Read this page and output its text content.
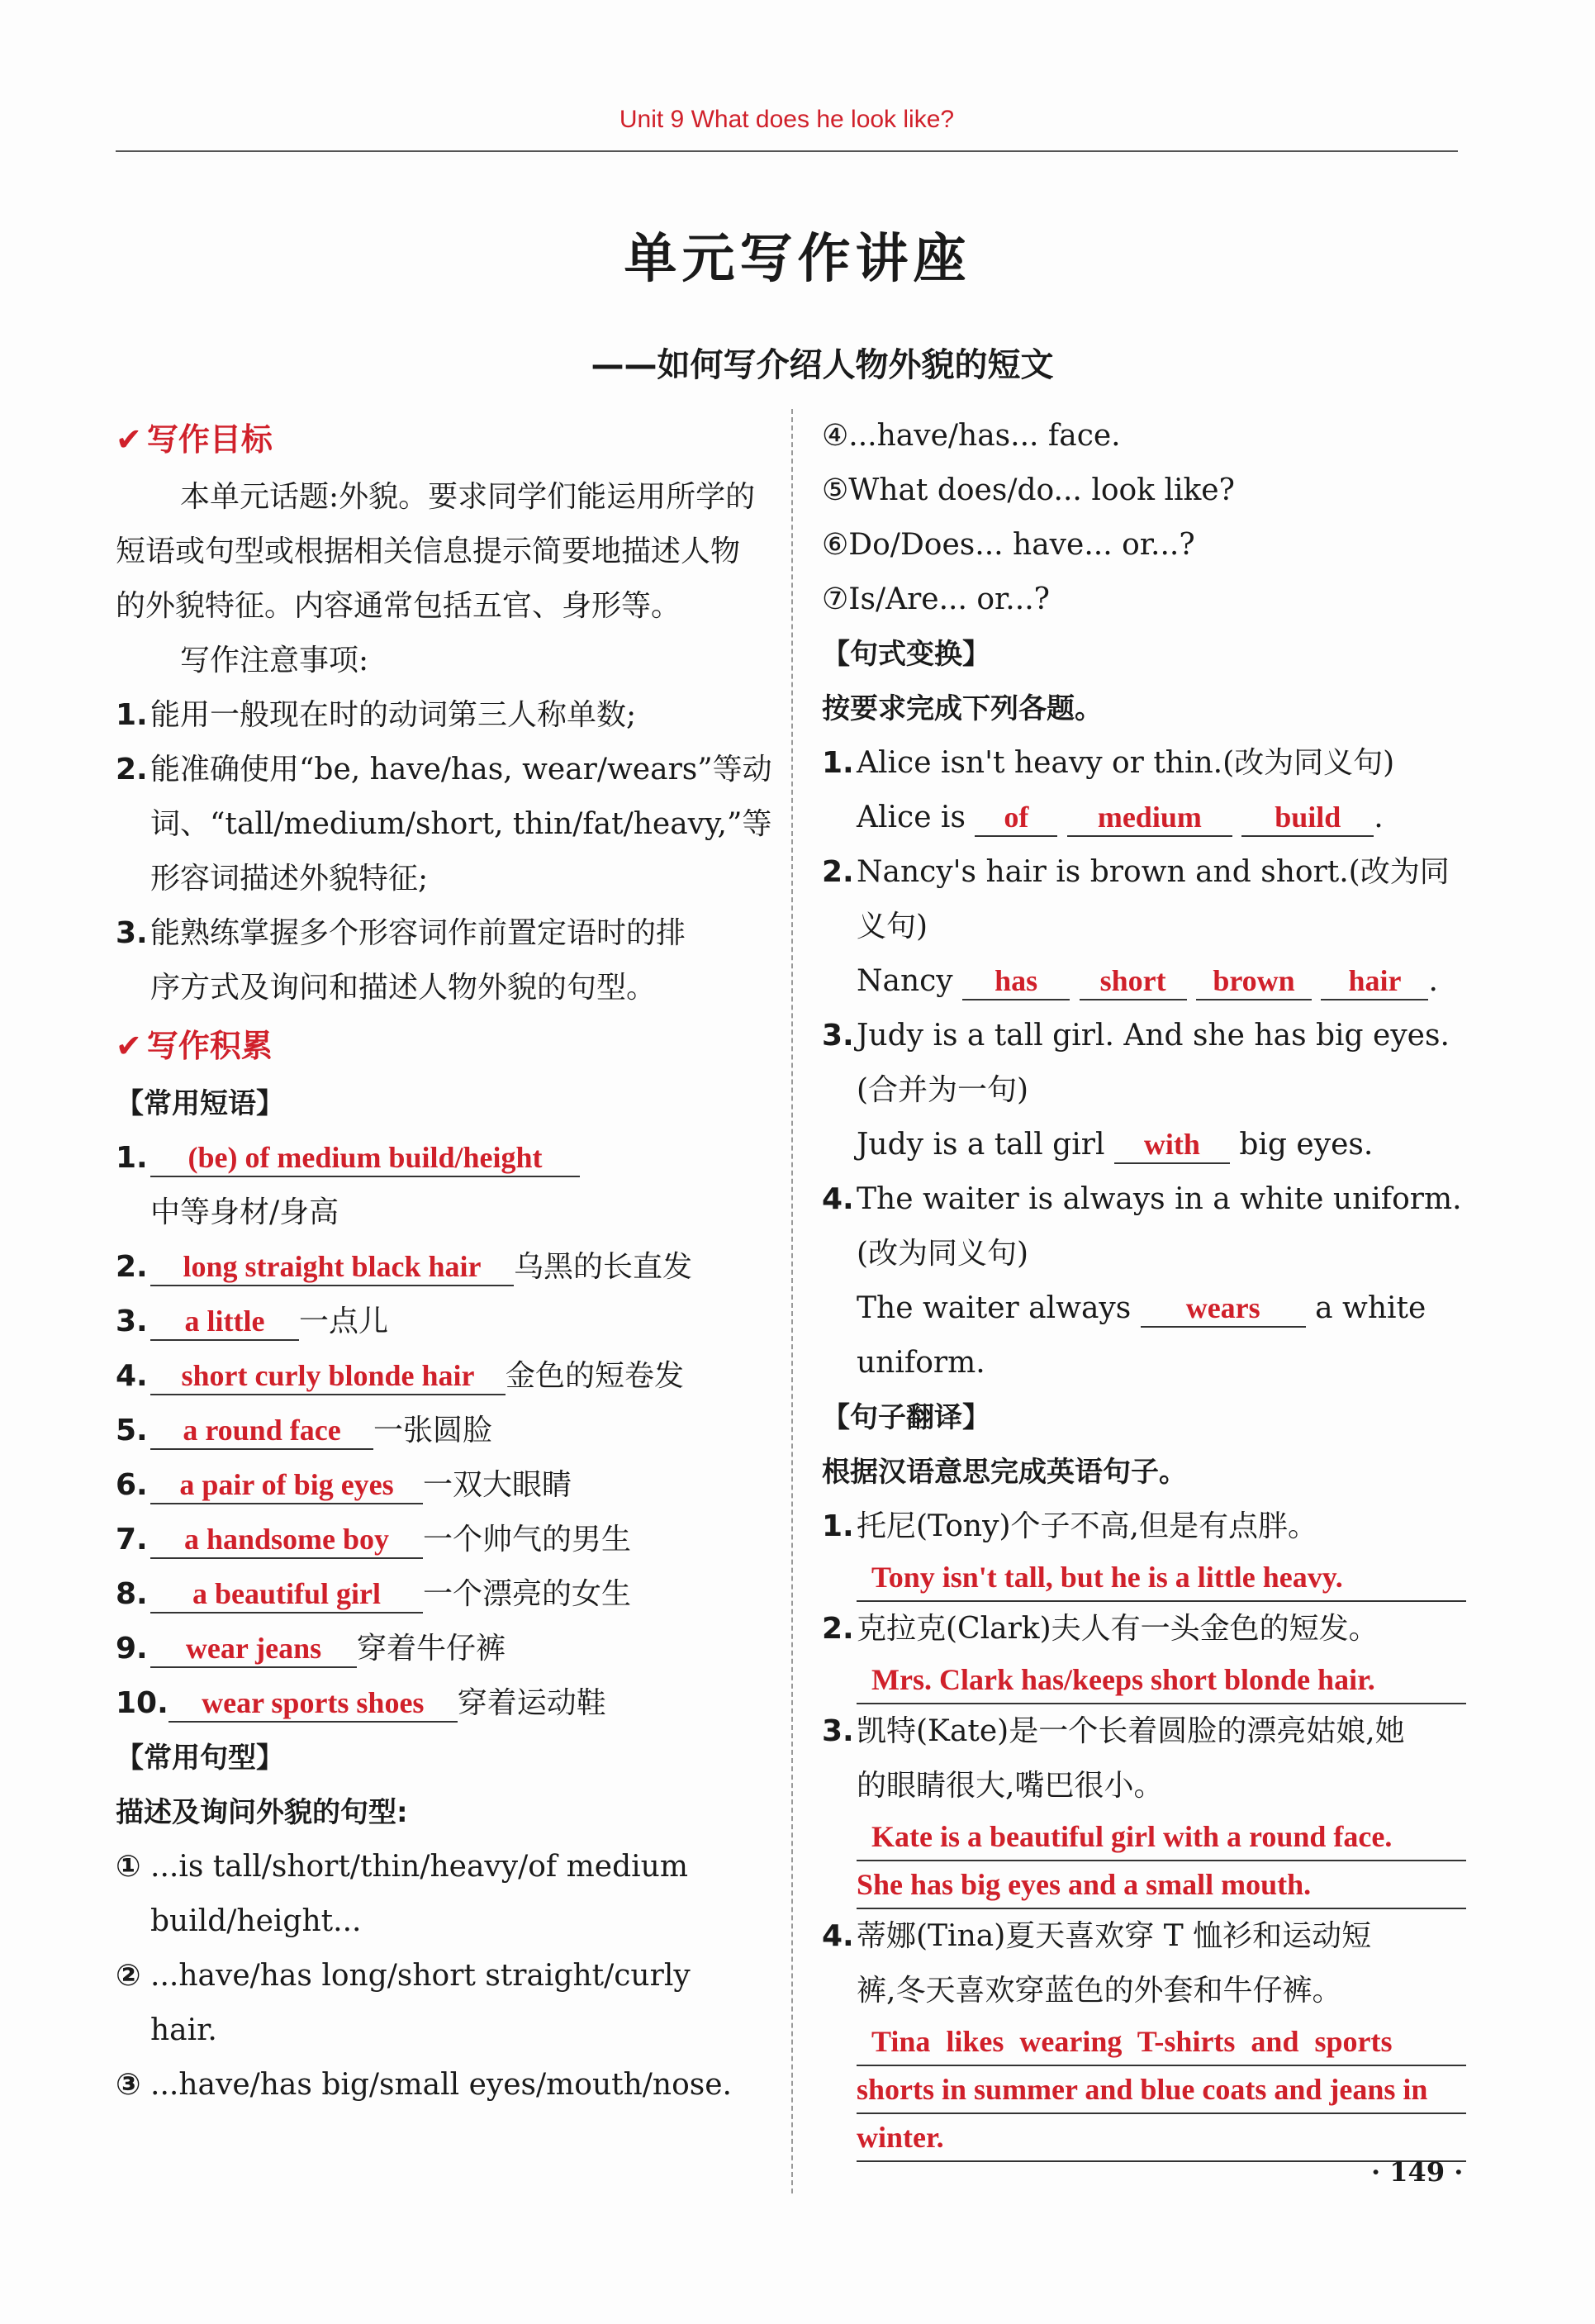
Unit 9 What does he look like?
单元写作讲座
——如何写介绍人物外貌的短文
✔ 写作目标
本单元话题:外貌。要求同学们能运用所学的短语或句型或根据相关信息提示简要地描述人物的外貌特征。内容通常包括五官、身形等。
写作注意事项:
1.能用一般现在时的动词第三人称单数;
2.能准确使用“be, have/has, wear/wears”等动
词、“tall/medium/short, thin/fat/heavy,”等
形容词描述外貌特征;
3.能熟练掌握多个形容词作前置定语时的排
序方式及询问和描述人物外貌的句型。
✔ 写作积累
【常用短语】
1. (be) of medium build/height
中等身材/身高
2. long straight black hair 乌黑的长直发
3. a little 一点儿
4. short curly blonde hair 金色的短卷发
5. a round face 一张圆脸
6. a pair of big eyes 一双大眼睛
7. a handsome boy 一个帅气的男生
8. a beautiful girl 一个漂亮的女生
9. wear jeans 穿着牛仔裤
10. wear sports shoes 穿着运动鞋
【常用句型】
描述及询问外貌的句型:
① ...is tall/short/thin/heavy/of medium
build/height...
② ...have/has long/short straight/curly
hair.
③ ...have/has big/small eyes/mouth/nose.
④...have/has... face.
⑤What does/do... look like?
⑥Do/Does... have... or...?
⑦Is/Are... or...?
【句式变换】
按要求完成下列各题。
1.Alice isn't heavy or thin.(改为同义句)
Alice is of medium build .
2.Nancy's hair is brown and short.(改为同
义句)
Nancy has short brown hair .
3.Judy is a tall girl. And she has big eyes.
(合并为一句)
Judy is a tall girl with big eyes.
4.The waiter is always in a white uniform.
(改为同义句)
The waiter always wears a white
uniform.
【句子翻译】
根据汉语意思完成英语句子。
1.托尼(Tony)个子不高,但是有点胖。
Tony isn't tall, but he is a little heavy.
2.克拉克(Clark)夫人有一头金色的短发。
Mrs. Clark has/keeps short blonde hair.
3.凯特(Kate)是一个长着圆脸的漂亮姑娘,她
的眼睛很大,嘴巴很小。
Kate is a beautiful girl with a round face.
She has big eyes and a small mouth.
4.蒂娜(Tina)夏天喜欢穿 T 恤衫和运动短
裤,冬天喜欢穿蓝色的外套和牛仔裤。
Tina likes wearing T-shirts and sports
shorts in summer and blue coats and jeans in
winter.
· 149 ·
